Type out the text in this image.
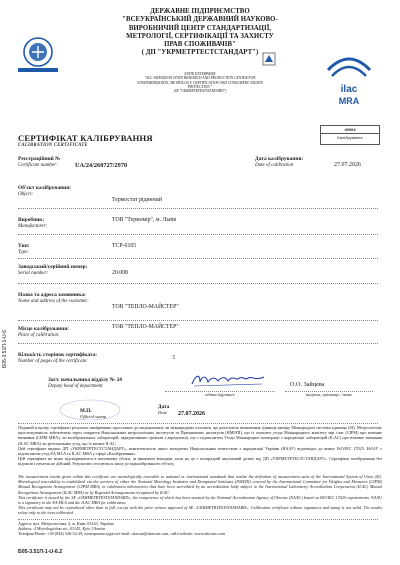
ilac
MRA
ДЕРЖАВНЕ ПІДПРИЄМСТВО
"ВСЕУКРАЇНСЬКИЙ ДЕРЖАВНИЙ НАУКОВО-
ВИРОБНИЧИЙ ЦЕНТР СТАНДАРТИЗАЦІЇ,
МЕТРОЛОГІЇ, СЕРТИФІКАЦІЇ ТА ЗАХИСТУ
ПРАВ СПОЖИВАЧІВ"
( ДП "УКРМЕТРТЕСТСТАНДАРТ")
STATE ENTERPRISE
"ALL-UKRAINIAN STATE RESEARCH AND PRODUCTION CENTER FOR
STANDARDIZATION, METROLOGY, CERTIFICATION AND CONSUMERS' RIGHTS
PROTECTION "
(SE "UKRMETRTESTSTANDARD")
40004
Калібрування
СЕРТИФІКАТ КАЛІБРУВАННЯ
CALIBRATION CERTIFICATE
Реєстраційний №
Certificate number:	UA/24/260727/2970
Дата калібрування:
Date of calibration	27.07.2026
Об'єкт калібрування:
Object:
Термостат рідинний
Виробник:
Manufacturer:
ТОВ "Термомір", м. Львів
Тип:
Type:
ТСР-0105
Заводський/серійний номер:
Serial number:	20.008
Назва та адреса замовника:
Name and address of the customer:
ТОВ "ТЕПЛО-МАЙСТЕР"
Місце калібрування:
Place of calibration:
ТОВ "ТЕПЛО-МАЙСТЕР"
Кількість сторінок сертифіката:
Number of pages of the certificate:
3
Заст. начальника відділу № 24
Deputy head of department
підпис/signature
О.О. Зайцева
ініціали, прізвище / name
М.П.
Official stamp
Дата
Date	27.07.2026
Поданий в цьому сертифікаті результат вимірювань простежені до національних чи міжнародних еталонів, що реалізують визначення одиниць виміру Міжнародної системи одиниць (SI). Метрологічну простежуваність забезпечено через покриття Національних метрологічних інститутів та Призначених інститутів (НМІ/ПІ), що їх охоплює угода Міжнародного комітету мір і ваг (CIPM) про взаємне визнання (CIPM MRA), чи калібрувальних лабораторій, акредитованих органом з акредитації, що є підписантом Угоди Міжнародної кооперації з акредитації лабораторій (ILAC) про взаємне визнання (ILAC MRA) чи регіональних угод, що їх визнає ILAC.
Цей сертифікат видано ДП «УКРМЕТРТЕСТСТАНДАРТ», компетентність якого засвідчено Національним агентством з акредитації України (НААУ) відповідно до вимог ISO/IEC 17025. НААУ є підписантом угод EA MLA та ILAC MRA у сфері «Калібрування».
Цей сертифікат не може відтворюватися в неповному обсязі, за винятком випадків, коли на це є попередній письмовий дозвіл від ДП «УКРМЕТРТЕСТСТАНДАРТ». Сертифікат калібрування без підписів і печаток не дійсний. Результати стосуються лише до відкаліброваного об'єкту.
The measurement results given within this certificate are metrologically traceable to national or international standards that realize the definition of measurement units of the International System of Units (SI). Metrological traceability is established via the services of either the National Metrology Institutes and Designated Institutes (NMI/DI) covered by the International Committee for Weights and Measures (CIPM) Mutual Recognition Arrangement (CIPM MRA) or calibration laboratories that have been accredited by an accreditation body subject to the International Laboratory Accreditation Cooperation (ILAC) Mutual Recognition Arrangement (ILAC MRA) or by Regional Arrangements recognized by ILAC.
This certificate is issued by the SE «UKRMETRTESTSTANDARD», the competence of which has been attested by the National Accreditation Agency of Ukraine (NAAU) based on ISO/IEC 17025 requirements. NAAU is a signatory to the EA MLA and the ILAC MRA for calibration.
This certificate may not be reproduced other than in full, except with the prior written approval of SE «UKRMETRTESTSTANDARD». Calibration certificate without signatures and stamp is not valid. The results relate only to the item calibrated.
Адреса: вул. Метрологічна, 4, м. Київ, 03143, Україна
Address: 4 Metrologichna str., 03143, Kyiv, Ukraine
Телефон/Phone: +38 (044) 526-52-29, електронна адреса/e-mail: ukrcsm@ukrcsm.com, сайт/website: www.ukrcsm.com
Б05-3.51П-1-U-6.2
Б05-3.51П-1-U-6
